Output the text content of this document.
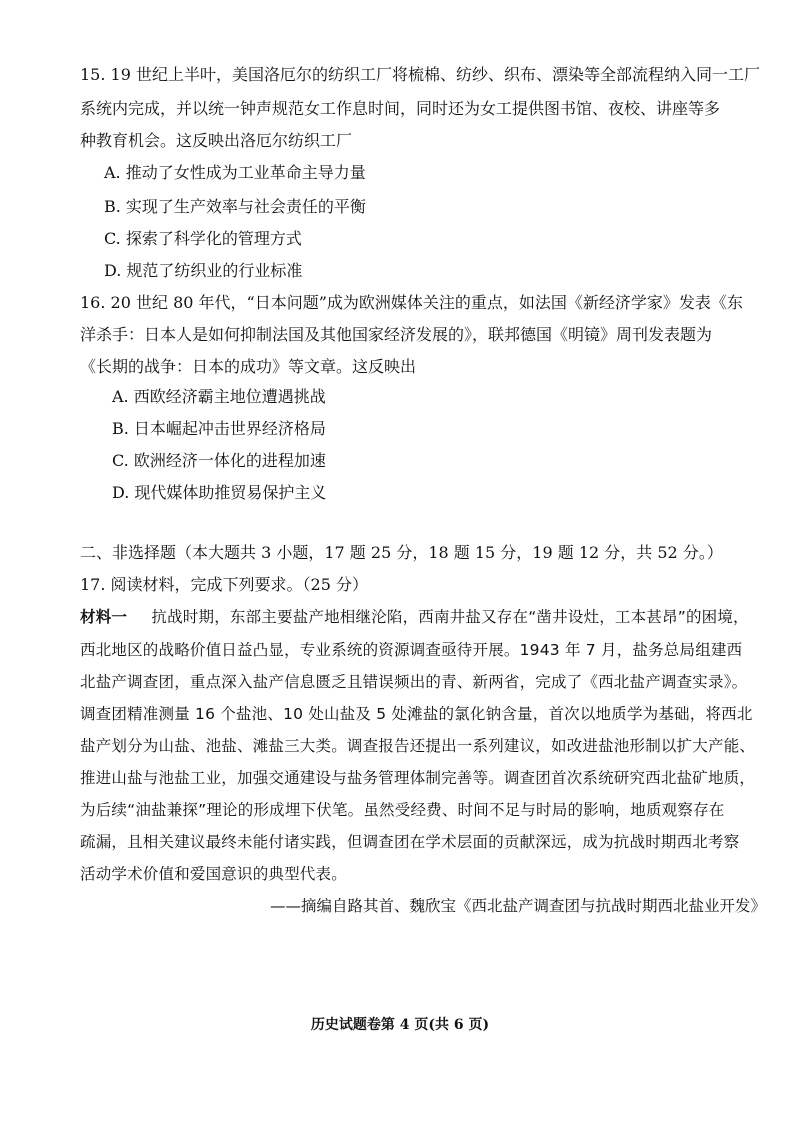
15. 19 世纪上半叶，美国洛厄尔的纺织工厂将梳棉、纺纱、织布、漂染等全部流程纳入同一工厂
系统内完成，并以统一钟声规范女工作息时间，同时还为女工提供图书馆、夜校、讲座等多
种教育机会。这反映出洛厄尔纺织工厂
A. 推动了女性成为工业革命主导力量
B. 实现了生产效率与社会责任的平衡
C. 探索了科学化的管理方式
D. 规范了纺织业的行业标准
16. 20 世纪 80 年代，“日本问题”成为欧洲媒体关注的重点，如法国《新经济学家》发表《东
洋杀手：日本人是如何抑制法国及其他国家经济发展的》，联邦德国《明镜》周刊发表题为
《长期的战争：日本的成功》等文章。这反映出
A. 西欧经济霸主地位遭遇挑战
B. 日本崛起冲击世界经济格局
C. 欧洲经济一体化的进程加速
D. 现代媒体助推贸易保护主义
二、非选择题（本大题共 3 小题，17 题 25 分，18 题 15 分，19 题 12 分，共 52 分。）
17. 阅读材料，完成下列要求。（25 分）
材料一 抗战时期，东部主要盐产地相继沦陷，西南井盐又存在“凿井设灶，工本甚昂”的困境，
西北地区的战略价值日益凸显，专业系统的资源调查亟待开展。1943 年 7 月，盐务总局组建西
北盐产调查团，重点深入盐产信息匮乏且错误频出的青、新两省，完成了《西北盐产调查实录》。
调查团精准测量 16 个盐池、10 处山盐及 5 处滩盐的氯化钠含量，首次以地质学为基础，将西北
盐产划分为山盐、池盐、滩盐三大类。调查报告还提出一系列建议，如改进盐池形制以扩大产能、
推进山盐与池盐工业，加强交通建设与盐务管理体制完善等。调查团首次系统研究西北盐矿地质，
为后续“油盐兼探”理论的形成埋下伏笔。虽然受经费、时间不足与时局的影响，地质观察存在
疏漏，且相关建议最终未能付诸实践，但调查团在学术层面的贡献深远，成为抗战时期西北考察
活动学术价值和爱国意识的典型代表。
——摘编自路其首、魏欣宝《西北盐产调查团与抗战时期西北盐业开发》
历史试题卷第 4 页(共 6 页)
